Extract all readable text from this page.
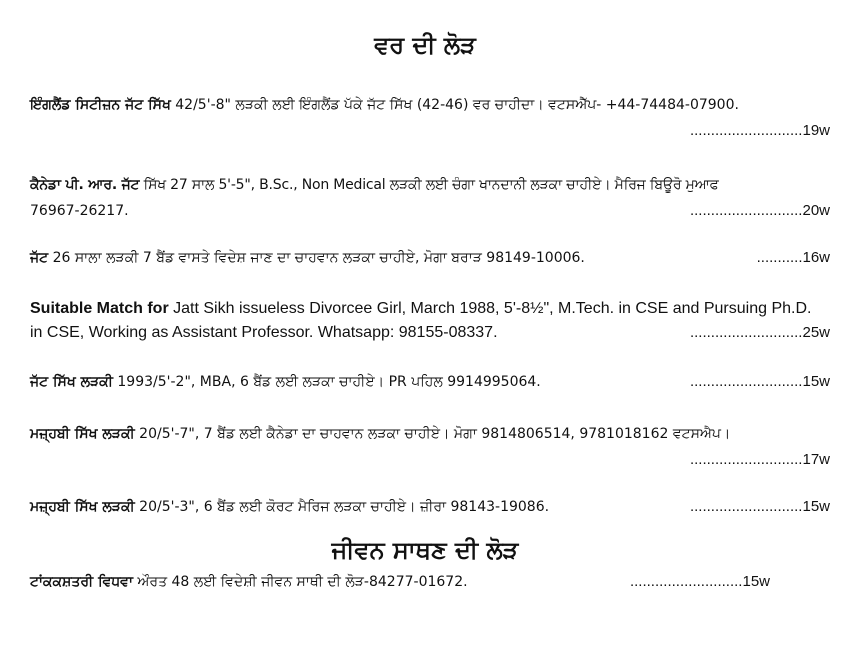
ਵਰ ਦੀ ਲੋੜ
ਇੰਗਲੈਂਡ ਸਿਟੀਜ਼ਨ ਜੱਟ ਸਿੱਖ 42/5'-8" ਲੜਕੀ ਲਈ ਇੰਗਲੈਂਡ ਪੱਕੇ ਜੱਟ ਸਿੱਖ (42-46) ਵਰ ਚਾਹੀਦਾ। ਵਟਸਐੱਪ- +44-74484-07900.
...........................19w
ਕੈਨੇਡਾ ਪੀ. ਆਰ. ਜੱਟ ਸਿੱਖ 27 ਸਾਲ 5'-5", B.Sc., Non Medical ਲੜਕੀ ਲਈ ਚੰਗਾ ਖਾਨਦਾਨੀ ਲੜਕਾ ਚਾਹੀਏ। ਮੈਰਿਜ ਬਿਊਰੋ ਮੁਆਫ
76967-26217.	...........................20w
ਜੱਟ 26 ਸਾਲਾ ਲੜਕੀ 7 ਬੈਂਡ ਵਾਸਤੇ ਵਿਦੇਸ਼ ਜਾਣ ਦਾ ਚਾਹਵਾਨ ਲੜਕਾ ਚਾਹੀਏ, ਮੋਗਾ ਬਰਾੜ 98149-10006.	...........16w
Suitable Match for Jatt Sikh issueless Divorcee Girl, March 1988, 5'-8½", M.Tech. in CSE and Pursuing Ph.D.
in CSE, Working as Assistant Professor. Whatsapp: 98155-08337.	...........................25w
ਜੱਟ ਸਿੱਖ ਲੜਕੀ 1993/5'-2", MBA, 6 ਬੈਂਡ ਲਈ ਲੜਕਾ ਚਾਹੀਏ। PR ਪਹਿਲ 9914995064.	...........................15w
ਮਜ਼੍ਹਬੀ ਸਿੱਖ ਲੜਕੀ 20/5'-7", 7 ਬੈਂਡ ਲਈ ਕੈਨੇਡਾ ਦਾ ਚਾਹਵਾਨ ਲੜਕਾ ਚਾਹੀਏ। ਮੋਗਾ 9814806514, 9781018162 ਵਟਸਐਪ।
...........................17w
ਮਜ਼੍ਹਬੀ ਸਿੱਖ ਲੜਕੀ 20/5'-3", 6 ਬੈਂਡ ਲਈ ਕੋਰਟ ਮੈਰਿਜ ਲੜਕਾ ਚਾਹੀਏ। ਜ਼ੀਰਾ 98143-19086.	...........................15w
ਜੀਵਨ ਸਾਥਣ ਦੀ ਲੋੜ
ਟਾਂਕਕਸ਼ਤਰੀ ਵਿਧਵਾ ਔਰਤ 48 ਲਈ ਵਿਦੇਸ਼ੀ ਜੀਵਨ ਸਾਥੀ ਦੀ ਲੋੜ-84277-01672.	...........................15w
